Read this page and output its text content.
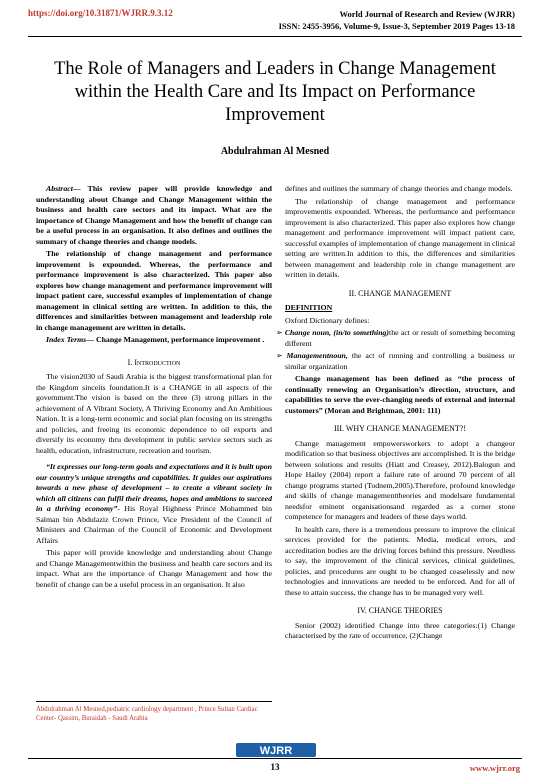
https://doi.org/10.31871/WJRR.9.3.12	World Journal of Research and Review (WJRR)
ISSN: 2455-3956, Volume-9, Issue-3, September 2019 Pages 13-18
The Role of Managers and Leaders in Change Management within the Health Care and Its Impact on Performance Improvement
Abdulrahman Al Mesned

Abstract— This review paper will provide knowledge and understanding about Change and Change Management within the business and health care sectors and its impact. What are the importance of Change Management and how the benefit of change can be a useful process in an organisation. It also defines and outlines the summary of change theories and change models.

The relationship of change management and performance improvement is expounded. Whereas, the performance and performance improvement is also characterized. This paper also explores how change management and performance improvement will impact patient care, successful examples of implementation of change management in clinical setting are written. In addition to this, the differences and similarities between management and leadership role in change management are written in details.

Index Terms— Change Management, performance improvement .

I. Introduction

The vision2030 of Saudi Arabia is the biggest transformational plan for the Kingdom sinceits foundation.It is a CHANGE in all aspects of the government.The vision is based on the three (3) strong pillars in the achievement of A Vibrant Society, A Thriving Economy and An Ambitious Nation. It is a long-term economic and social plan focusing on its strengths and policies, and freeing its economic dependence to oil exports and diversify its economy thru development in public service sectors such as health, education, infrastructure, recreation and tourism.

“It expresses our long-term goals and expectations and it is built upon our country’s unique strengths and capabilities. It guides our aspirations towards a new phase of development – to create a vibrant society in which all citizens can fulfil their dreams, hopes and ambitions to succeed in a thriving economy”- His Royal Highness Prince Mohammed bin Salman bin Abdulaziz Crown Prince, Vice President of the Council of Ministers and Chairman of the Council of Economic and Development Affairs

This paper will provide knowledge and understanding about Change and Change Managementwithin the business and health care sectors and its impact. What are the importance of Change Management and how the benefit of change can be a useful process in an organisation. It also

defines and outlines the summary of change theories and change models.

The relationship of change management and performance improvementis expounded. Whereas, the performance and performance improvement is also characterized. This paper also explores how change management and performance improvement will impact patient care, successful examples of implementation of change management in clinical setting are written.In addition to this, the differences and similarities between management and leadership role in change management are written in details.

II. CHANGE MANAGEMENT

DEFINITION

Oxford Dictionary defines:

➢ Change noun, (in/to something)the act or result of something becoming different

➢ Managementnoun, the act of running and controlling a business or similar organization

Change management has been defined as “the process of continually renewing an Organisation’s direction, structure, and capabilities to serve the ever-changing needs of external and internal customers” (Moran and Brightman, 2001: 111)

III. WHY CHANGE MANAGEMENT?!

Change management empowersworkers to adopt a changeor modification so that business objectives are accomplished. It is the bridge between solutions and results (Hiatt and Creasey, 2012).Balogun and Hope Hailey (2004) report a failure rate of around 70 percent of all change programs started (Todnem,2005).Therefore, profound knowledge and skills of change managementtheories and modelsare fundamental needsfor eminent organisationsand regarded as a corner stone competence for managers and leaders of these days world.

In health care, there is a tremendous pressure to improve the clinical services provided for the patients. Media, medical errors, and accreditation bodies are the driving forces behind this pressure. Needless to say, the improvement of the clinical services, clinical guidelines, policies, and procedures are ought to be changed ceaselessly and new technologies and innovations are needed to be enforced. And for all of these to attain success, the change has to be managed very well.

IV. CHANGE THEORIES

Senior (2002) identified Change into three categories:(1) Change characterised by the rate of occurrence, (2)Change

Abdulrahman Al Mesned,pediatric cardiology department , Prince Sultan Cardiac Center- Qassim, Buraidah - Saudi Arabia
WJRR
13	www.wjrr.org
